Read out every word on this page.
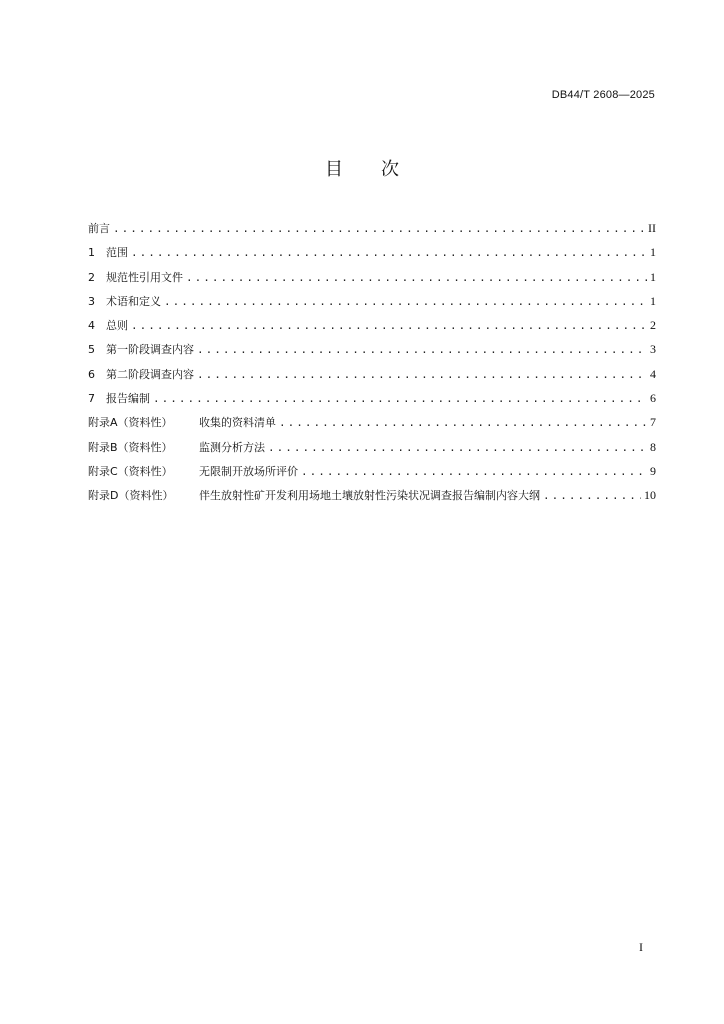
DB44/T 2608—2025
目 次
前言 .....	II
1	范围 .....	1
2	规范性引用文件 .....	1
3	术语和定义 .....	1
4	总则 .....	2
5	第一阶段调查内容 .....	3
6	第二阶段调查内容 .....	4
7	报告编制 .....	6
附录A（资料性）	收集的资料清单 .....	7
附录B（资料性）	监测分析方法 .....	8
附录C（资料性）	无限制开放场所评价 .....	9
附录D（资料性）	伴生放射性矿开发利用场地土壤放射性污染状况调查报告编制内容大纲 .....	10
I
